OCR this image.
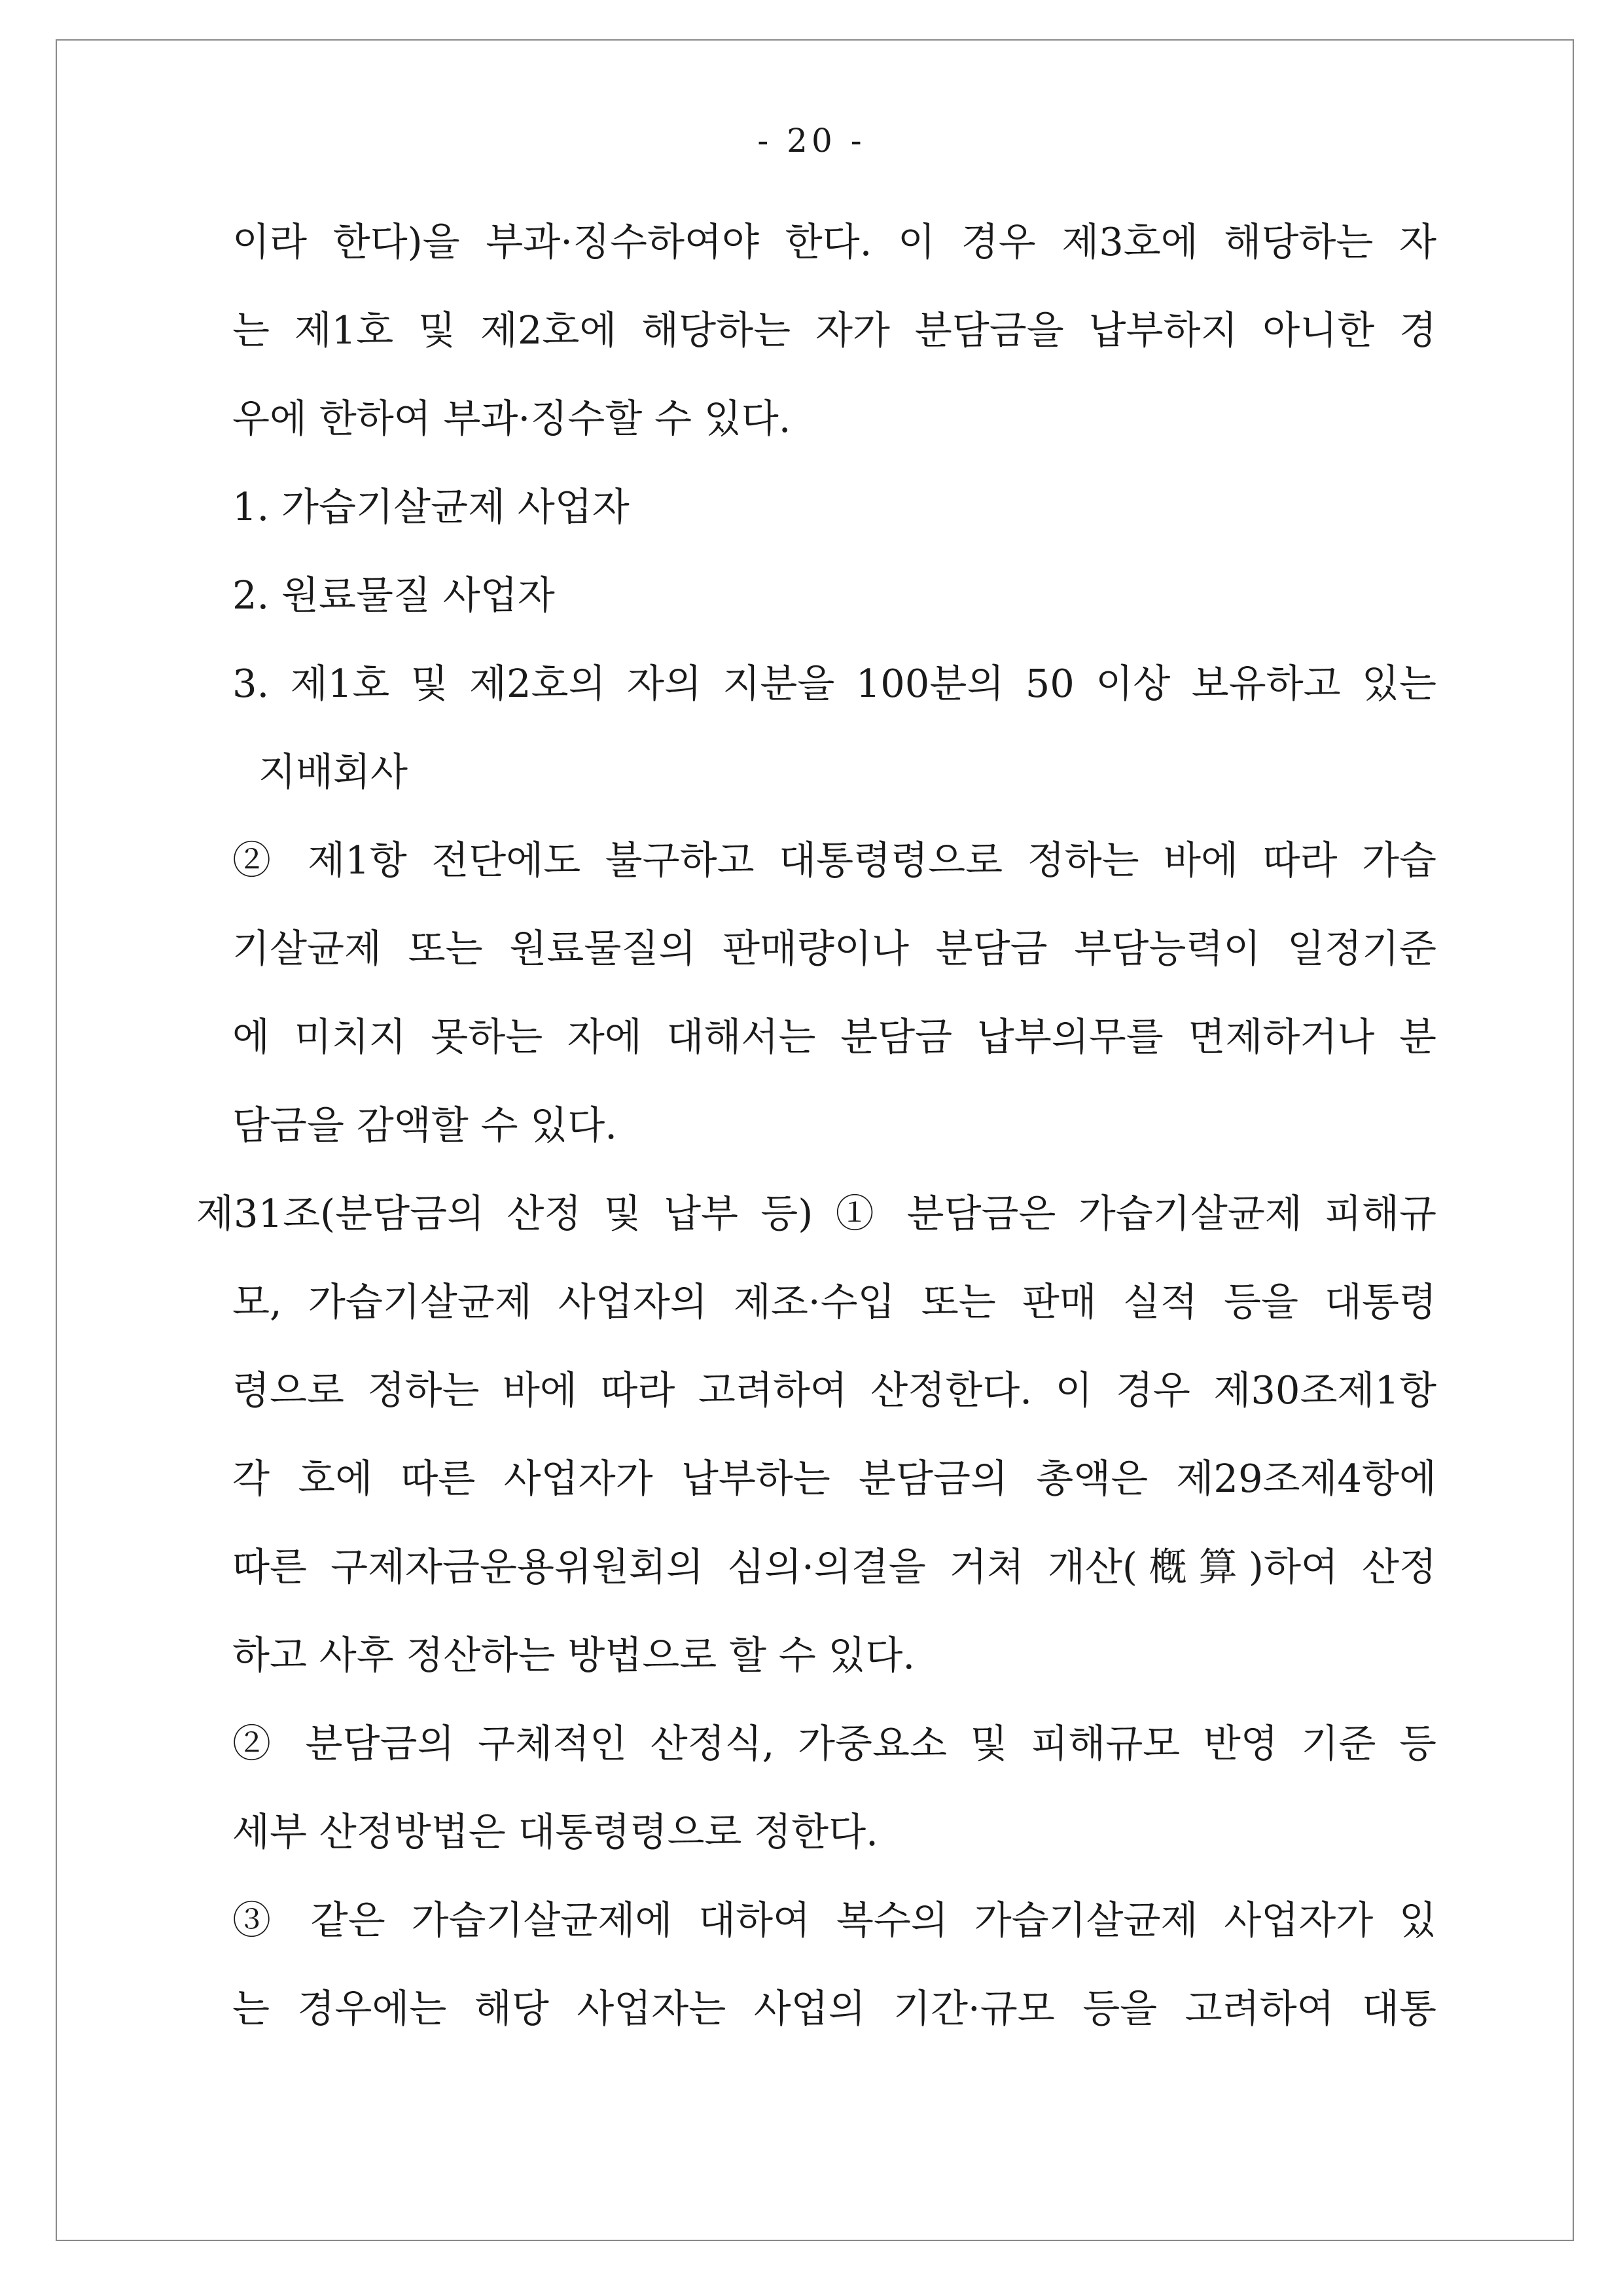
- 20 -
이라 한다)을 부과·징수하여야 한다. 이 경우 제3호에 해당하는 자
는 제1호 및 제2호에 해당하는 자가 분담금을 납부하지 아니한 경
우에 한하여 부과·징수할 수 있다.
1. 가습기살균제 사업자
2. 원료물질 사업자
3. 제1호 및 제2호의 자의 지분을 100분의 50 이상 보유하고 있는
지배회사
② 제1항 전단에도 불구하고 대통령령으로 정하는 바에 따라 가습
기살균제 또는 원료물질의 판매량이나 분담금 부담능력이 일정기준
에 미치지 못하는 자에 대해서는 분담금 납부의무를 면제하거나 분
담금을 감액할 수 있다.
제31조(분담금의 산정 및 납부 등) ① 분담금은 가습기살균제 피해규
모, 가습기살균제 사업자의 제조·수입 또는 판매 실적 등을 대통령
령으로 정하는 바에 따라 고려하여 산정한다. 이 경우 제30조제1항
각 호에 따른 사업자가 납부하는 분담금의 총액은 제29조제4항에
따른 구제자금운용위원회의 심의·의결을 거쳐 개산(槪算)하여 산정
하고 사후 정산하는 방법으로 할 수 있다.
② 분담금의 구체적인 산정식, 가중요소 및 피해규모 반영 기준 등
세부 산정방법은 대통령령으로 정한다.
③ 같은 가습기살균제에 대하여 복수의 가습기살균제 사업자가 있
는 경우에는 해당 사업자는 사업의 기간·규모 등을 고려하여 대통
